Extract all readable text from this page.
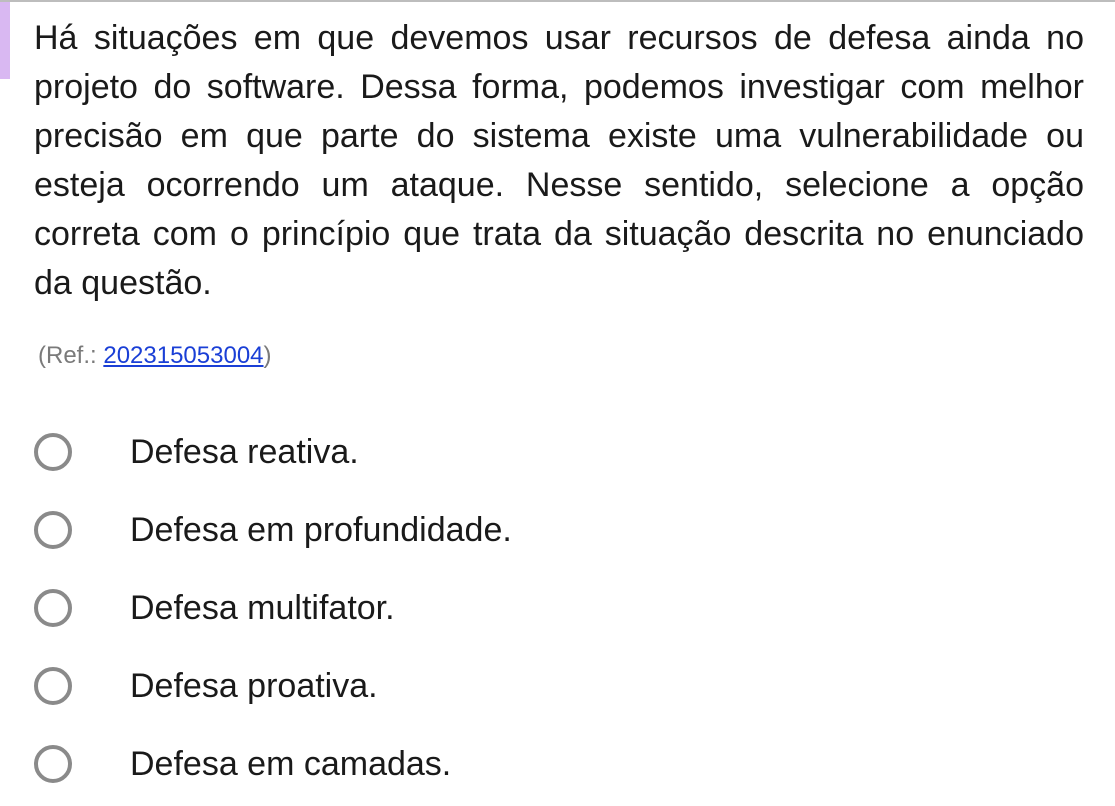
Há situações em que devemos usar recursos de defesa ainda no projeto do software. Dessa forma, podemos investigar com melhor precisão em que parte do sistema existe uma vulnerabilidade ou esteja ocorrendo um ataque. Nesse sentido, selecione a opção correta com o princípio que trata da situação descrita no enunciado da questão.

(Ref.: 202315053004)
Defesa reativa.
Defesa em profundidade.
Defesa multifator.
Defesa proativa.
Defesa em camadas.
